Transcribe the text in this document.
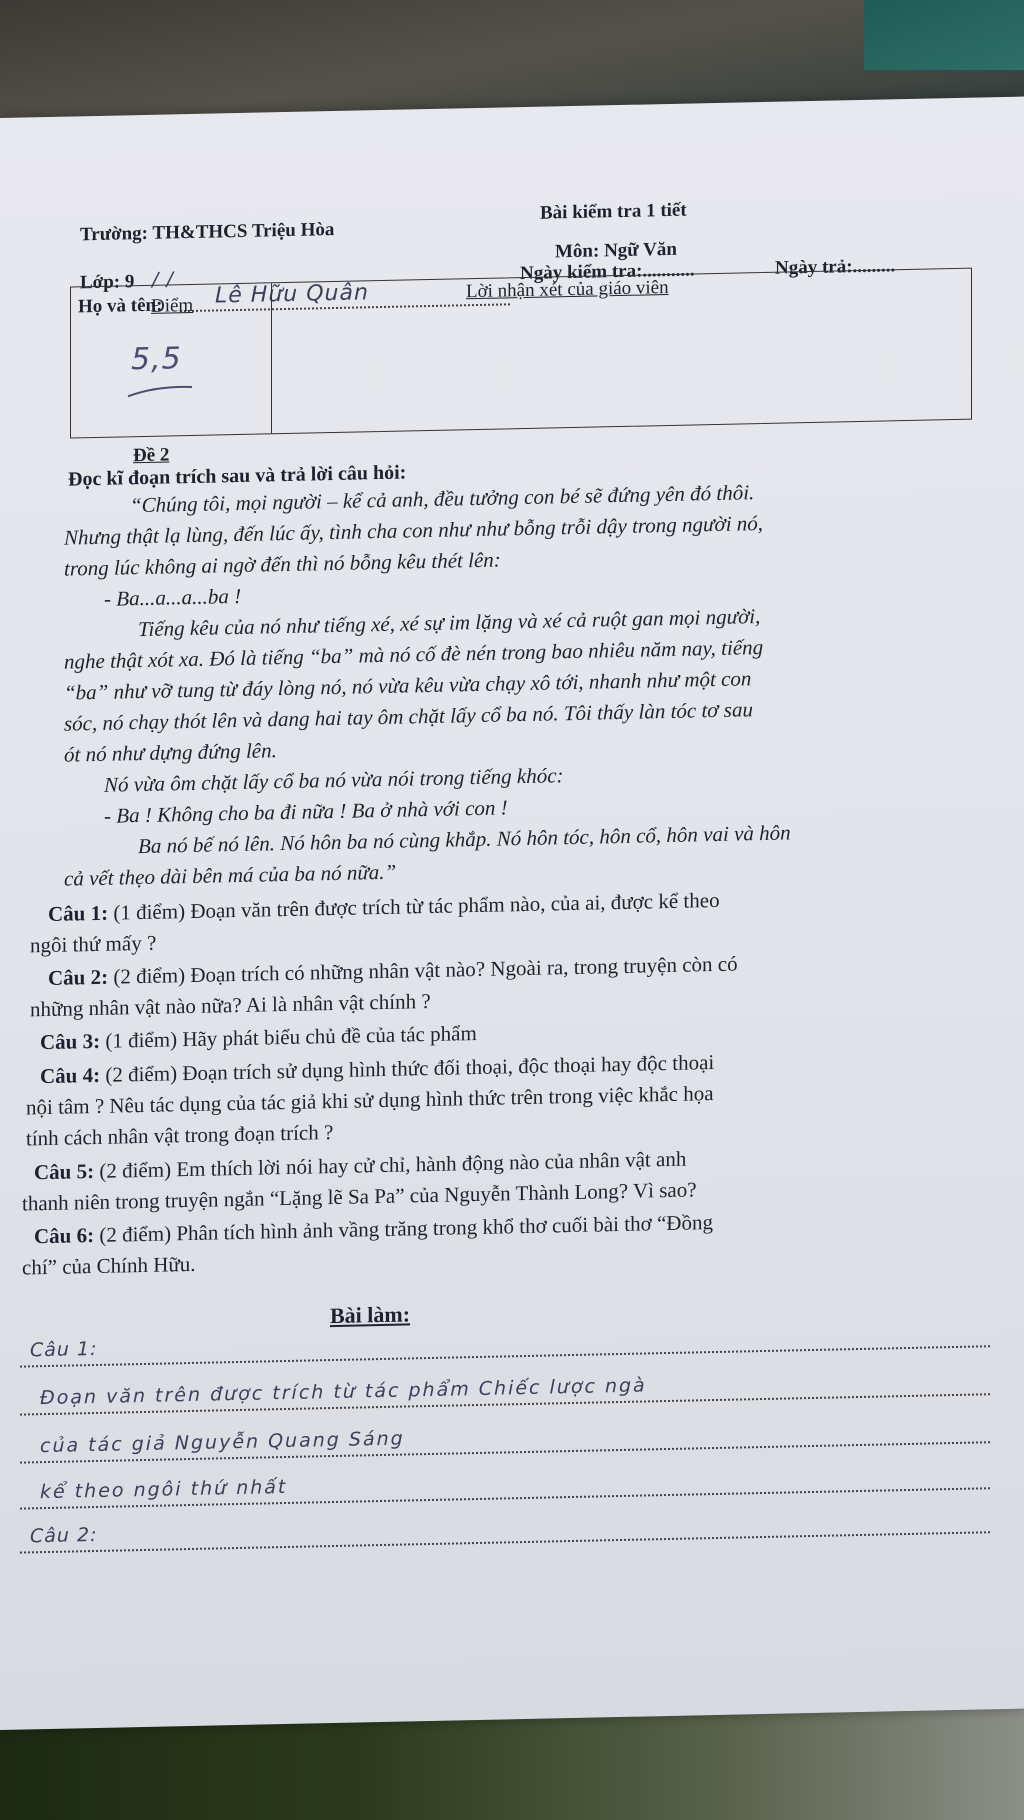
Trường: TH&THCS Triệu Hòa
Bài kiểm tra 1 tiết
Môn: Ngữ Văn
Lớp: 9 / /	Ngày kiểm tra:...........	Ngày trả:.........
Họ và tên: Lê Hữu Quân
Điểm
Lời nhận xét của giáo viên
5,5
Đề 2
Đọc kĩ đoạn trích sau và trả lời câu hỏi:
“Chúng tôi, mọi người – kể cả anh, đều tưởng con bé sẽ đứng yên đó thôi.
Nhưng thật lạ lùng, đến lúc ấy, tình cha con như như bỗng trỗi dậy trong người nó,
trong lúc không ai ngờ đến thì nó bỗng kêu thét lên:
- Ba...a...a...ba !
Tiếng kêu của nó như tiếng xé, xé sự im lặng và xé cả ruột gan mọi người,
nghe thật xót xa. Đó là tiếng “ba” mà nó cố đè nén trong bao nhiêu năm nay, tiếng
“ba” như vỡ tung từ đáy lòng nó, nó vừa kêu vừa chạy xô tới, nhanh như một con
sóc, nó chạy thót lên và dang hai tay ôm chặt lấy cổ ba nó. Tôi thấy làn tóc tơ sau
ót nó như dựng đứng lên.
Nó vừa ôm chặt lấy cổ ba nó vừa nói trong tiếng khóc:
- Ba ! Không cho ba đi nữa ! Ba ở nhà với con !
Ba nó bế nó lên. Nó hôn ba nó cùng khắp. Nó hôn tóc, hôn cổ, hôn vai và hôn
cả vết thẹo dài bên má của ba nó nữa.”
Câu 1: (1 điểm) Đoạn văn trên được trích từ tác phẩm nào, của ai, được kể theo
ngôi thứ mấy ?
Câu 2: (2 điểm) Đoạn trích có những nhân vật nào? Ngoài ra, trong truyện còn có
những nhân vật nào nữa? Ai là nhân vật chính ?
Câu 3: (1 điểm) Hãy phát biểu chủ đề của tác phẩm
Câu 4: (2 điểm) Đoạn trích sử dụng hình thức đối thoại, độc thoại hay độc thoại
nội tâm ? Nêu tác dụng của tác giả khi sử dụng hình thức trên trong việc khắc họa
tính cách nhân vật trong đoạn trích ?
Câu 5: (2 điểm) Em thích lời nói hay cử chỉ, hành động nào của nhân vật anh
thanh niên trong truyện ngắn “Lặng lẽ Sa Pa” của Nguyễn Thành Long? Vì sao?
Câu 6: (2 điểm) Phân tích hình ảnh vầng trăng trong khổ thơ cuối bài thơ “Đồng
chí” của Chính Hữu.
Bài làm:
Câu 1:
Đoạn văn trên được trích từ tác phẩm Chiếc lược ngà
của tác giả Nguyễn Quang Sáng
kể theo ngôi thứ nhất
Câu 2:
